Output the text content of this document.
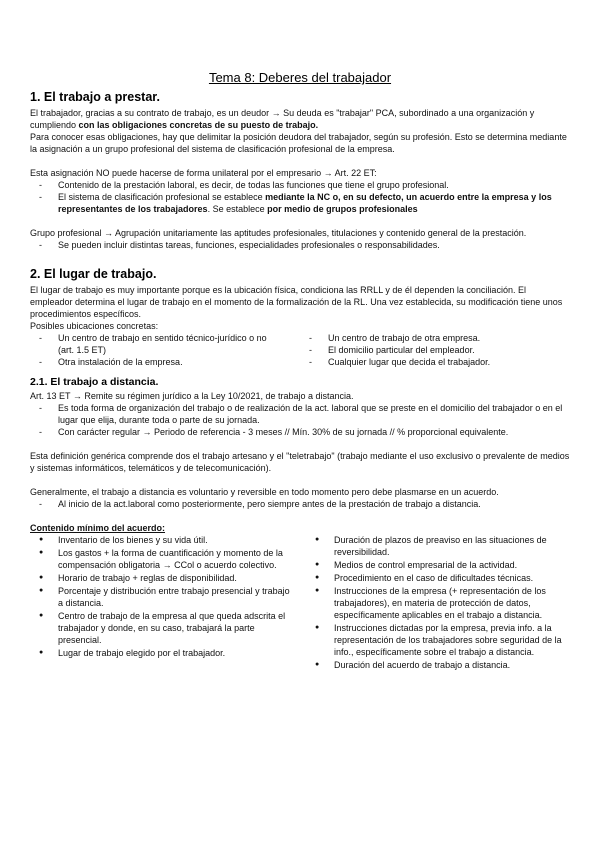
Tema 8: Deberes del trabajador
1. El trabajo a prestar.

El trabajador, gracias a su contrato de trabajo, es un deudor → Su deuda es "trabajar" PCA, subordinado a una organización y cumpliendo con las obligaciones concretas de su puesto de trabajo.

Para conocer esas obligaciones, hay que delimitar la posición deudora del trabajador, según su profesión. Esto se determina mediante la asignación a un grupo profesional del sistema de clasificación profesional de la empresa.

Esta asignación NO puede hacerse de forma unilateral por el empresario → Art. 22 ET:

- Contenido de la prestación laboral, es decir, de todas las funciones que tiene el grupo profesional.
- El sistema de clasificación profesional se establece mediante la NC o, en su defecto, un acuerdo entre la empresa y los representantes de los trabajadores. Se establece por medio de grupos profesionales

Grupo profesional → Agrupación unitariamente las aptitudes profesionales, titulaciones y contenido general de la prestación.

- Se pueden incluir distintas tareas, funciones, especialidades profesionales o responsabilidades.
2. El lugar de trabajo.

El lugar de trabajo es muy importante porque es la ubicación física, condiciona las RRLL y de él dependen la conciliación. El empleador determina el lugar de trabajo en el momento de la formalización de la RL. Una vez establecida, su modificación tiene unos procedimientos específicos.

Posibles ubicaciones concretas:

- Un centro de trabajo en sentido técnico-jurídico o no (art. 1.5 ET)
- Otra instalación de la empresa.
- Un centro de trabajo de otra empresa.
- El domicilio particular del empleador.
- Cualquier lugar que decida el trabajador.
2.1. El trabajo a distancia.

Art. 13 ET → Remite su régimen jurídico a la Ley 10/2021, de trabajo a distancia.

- Es toda forma de organización del trabajo o de realización de la act. laboral que se preste en el domicilio del trabajador o en el lugar que elija, durante toda o parte de su jornada.
- Con carácter regular → Periodo de referencia - 3 meses // Mín. 30% de su jornada // % proporcional equivalente.

Esta definición genérica comprende dos el trabajo artesano y el "teletrabajo" (trabajo mediante el uso exclusivo o prevalente de medios y sistemas informáticos, telemáticos y de telecomunicación).

Generalmente, el trabajo a distancia es voluntario y reversible en todo momento pero debe plasmarse en un acuerdo.

- Al inicio de la act.laboral como posteriormente, pero siempre antes de la prestación de trabajo a distancia.

Contenido mínimo del acuerdo:

● Inventario de los bienes y su vida útil.
● Los gastos + la forma de cuantificación y momento de la compensación obligatoria → CCol o acuerdo colectivo.
● Horario de trabajo + reglas de disponibilidad.
● Porcentaje y distribución entre trabajo presencial y trabajo a distancia.
● Centro de trabajo de la empresa al que queda adscrita el trabajador y donde, en su caso, trabajará la parte presencial.
● Lugar de trabajo elegido por el trabajador.
● Duración de plazos de preaviso en las situaciones de reversibilidad.
● Medios de control empresarial de la actividad.
● Procedimiento en el caso de dificultades técnicas.
● Instrucciones de la empresa (+ representación de los trabajadores), en materia de protección de datos, específicamente aplicables en el trabajo a distancia.
● Instrucciones dictadas por la empresa, previa info. a la representación de los trabajadores sobre seguridad de la info., específicamente sobre el trabajo a distancia.
● Duración del acuerdo de trabajo a distancia.
